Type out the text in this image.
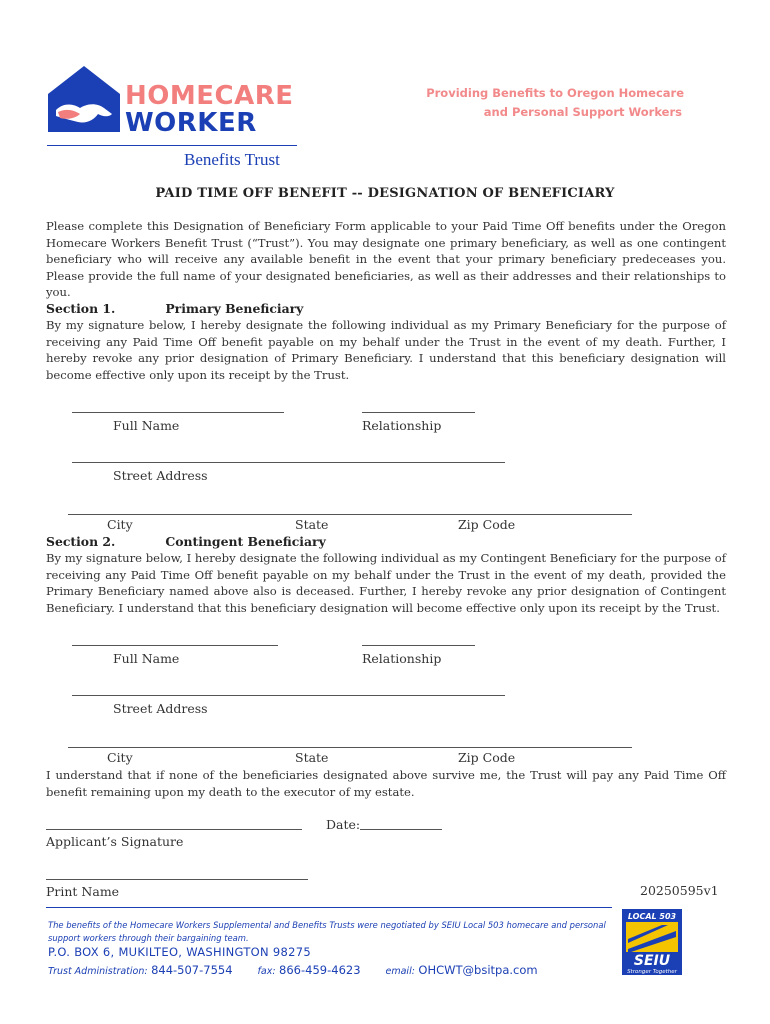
HOMECARE
WORKER
Benefits Trust
Providing Benefits to Oregon Homecare
and Personal Support Workers
PAID TIME OFF BENEFIT -- DESIGNATION OF BENEFICIARY
Please complete this Designation of Beneficiary Form applicable to your Paid Time Off benefits under the Oregon Homecare Workers Benefit Trust (“Trust”). You may designate one primary beneficiary, as well as one contingent beneficiary who will receive any available benefit in the event that your primary beneficiary predeceases you. Please provide the full name of your designated beneficiaries, as well as their addresses and their relationships to you.
Section 1.	Primary Beneficiary
By my signature below, I hereby designate the following individual as my Primary Beneficiary for the purpose of receiving any Paid Time Off benefit payable on my behalf under the Trust in the event of my death. Further, I hereby revoke any prior designation of Primary Beneficiary. I understand that this beneficiary designation will become effective only upon its receipt by the Trust.
Full Name	Relationship
Street Address
City	State	Zip Code
Section 2.	Contingent Beneficiary
By my signature below, I hereby designate the following individual as my Contingent Beneficiary for the purpose of receiving any Paid Time Off benefit payable on my behalf under the Trust in the event of my death, provided the Primary Beneficiary named above also is deceased. Further, I hereby revoke any prior designation of Contingent Beneficiary. I understand that this beneficiary designation will become effective only upon its receipt by the Trust.
Full Name	Relationship
Street Address
City	State	Zip Code
I understand that if none of the beneficiaries designated above survive me, the Trust will pay any Paid Time Off benefit remaining upon my death to the executor of my estate.
Date:
Applicant’s Signature
Print Name	20250595v1
The benefits of the Homecare Workers Supplemental and Benefits Trusts were negotiated by SEIU Local 503 homecare and personal support workers through their bargaining team.
P.O. BOX 6, MUKILTEO, WASHINGTON 98275
Trust Administration: 844-507-7554	fax: 866-459-4623	email: OHCWT@bsitpa.com
LOCAL 503
SEIU
Stronger Together
